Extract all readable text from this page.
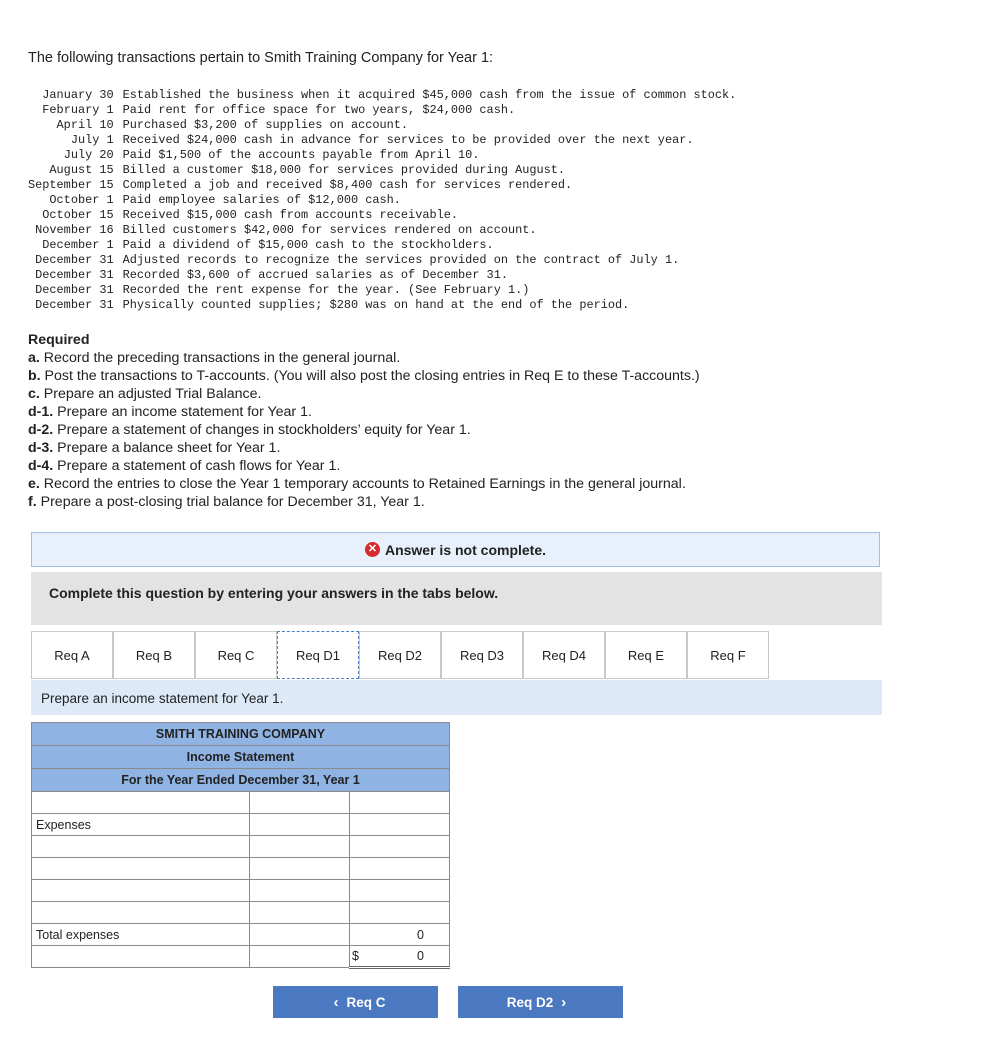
The following transactions pertain to Smith Training Company for Year 1:
January 30	Established the business when it acquired $45,000 cash from the issue of common stock.
February 1	Paid rent for office space for two years, $24,000 cash.
April 10	Purchased $3,200 of supplies on account.
July 1	Received $24,000 cash in advance for services to be provided over the next year.
July 20	Paid $1,500 of the accounts payable from April 10.
August 15	Billed a customer $18,000 for services provided during August.
September 15	Completed a job and received $8,400 cash for services rendered.
October 1	Paid employee salaries of $12,000 cash.
October 15	Received $15,000 cash from accounts receivable.
November 16	Billed customers $42,000 for services rendered on account.
December 1	Paid a dividend of $15,000 cash to the stockholders.
December 31	Adjusted records to recognize the services provided on the contract of July 1.
December 31	Recorded $3,600 of accrued salaries as of December 31.
December 31	Recorded the rent expense for the year. (See February 1.)
December 31	Physically counted supplies; $280 was on hand at the end of the period.
Required
a. Record the preceding transactions in the general journal.
b. Post the transactions to T-accounts. (You will also post the closing entries in Req E to these T-accounts.)
c. Prepare an adjusted Trial Balance.
d-1. Prepare an income statement for Year 1.
d-2. Prepare a statement of changes in stockholders’ equity for Year 1.
d-3. Prepare a balance sheet for Year 1.
d-4. Prepare a statement of cash flows for Year 1.
e. Record the entries to close the Year 1 temporary accounts to Retained Earnings in the general journal.
f. Prepare a post-closing trial balance for December 31, Year 1.
✕ Answer is not complete.
Complete this question by entering your answers in the tabs below.
Req A	Req B	Req C	Req D1	Req D2	Req D3	Req D4	Req E	Req F
Prepare an income statement for Year 1.
SMITH TRAINING COMPANY		
Income Statement		
For the Year Ended December 31, Year 1		

Expenses		

Total expenses		0

		$ 0
‹ Req C	Req D2 ›
